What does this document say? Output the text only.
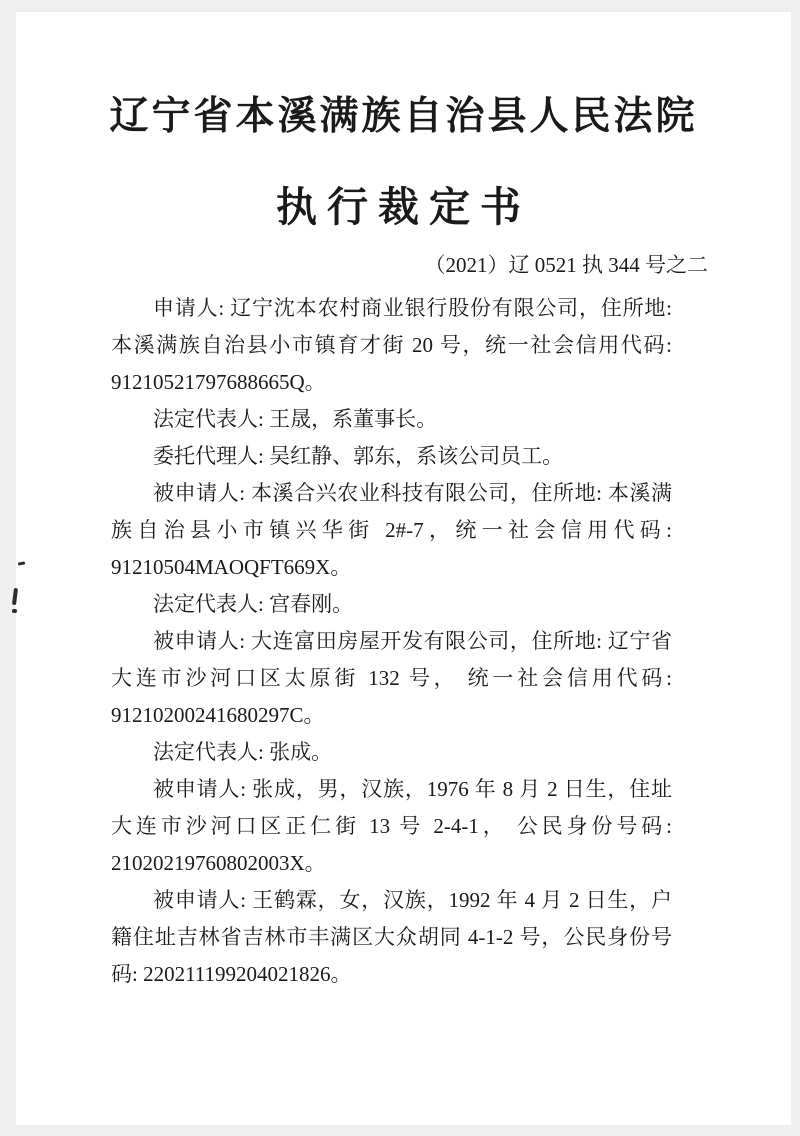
辽宁省本溪满族自治县人民法院
执行裁定书
（2021）辽 0521 执 344 号之二

申请人: 辽宁沈本农村商业银行股份有限公司，住所地: 本溪满族自治县小市镇育才街 20 号，统一社会信用代码: 91210521797688665Q。

法定代表人: 王晟，系董事长。

委托代理人: 吴红静、郭东，系该公司员工。

被申请人: 本溪合兴农业科技有限公司，住所地: 本溪满族自治县小市镇兴华街 2#-7，统一社会信用代码: 91210504MAOQFT669X。

法定代表人: 宫春刚。

被申请人: 大连富田房屋开发有限公司，住所地: 辽宁省大连市沙河口区太原街 132 号， 统一社会信用代码: 91210200241680297C。

法定代表人: 张成。

被申请人: 张成，男，汉族，1976 年 8 月 2 日生，住址大连市沙河口区正仁街 13 号 2-4-1， 公民身份号码: 21020219760802003X。

被申请人: 王鹤霖，女，汉族，1992 年 4 月 2 日生，户籍住址吉林省吉林市丰满区大众胡同 4-1-2 号，公民身份号码: 220211199204021826。
